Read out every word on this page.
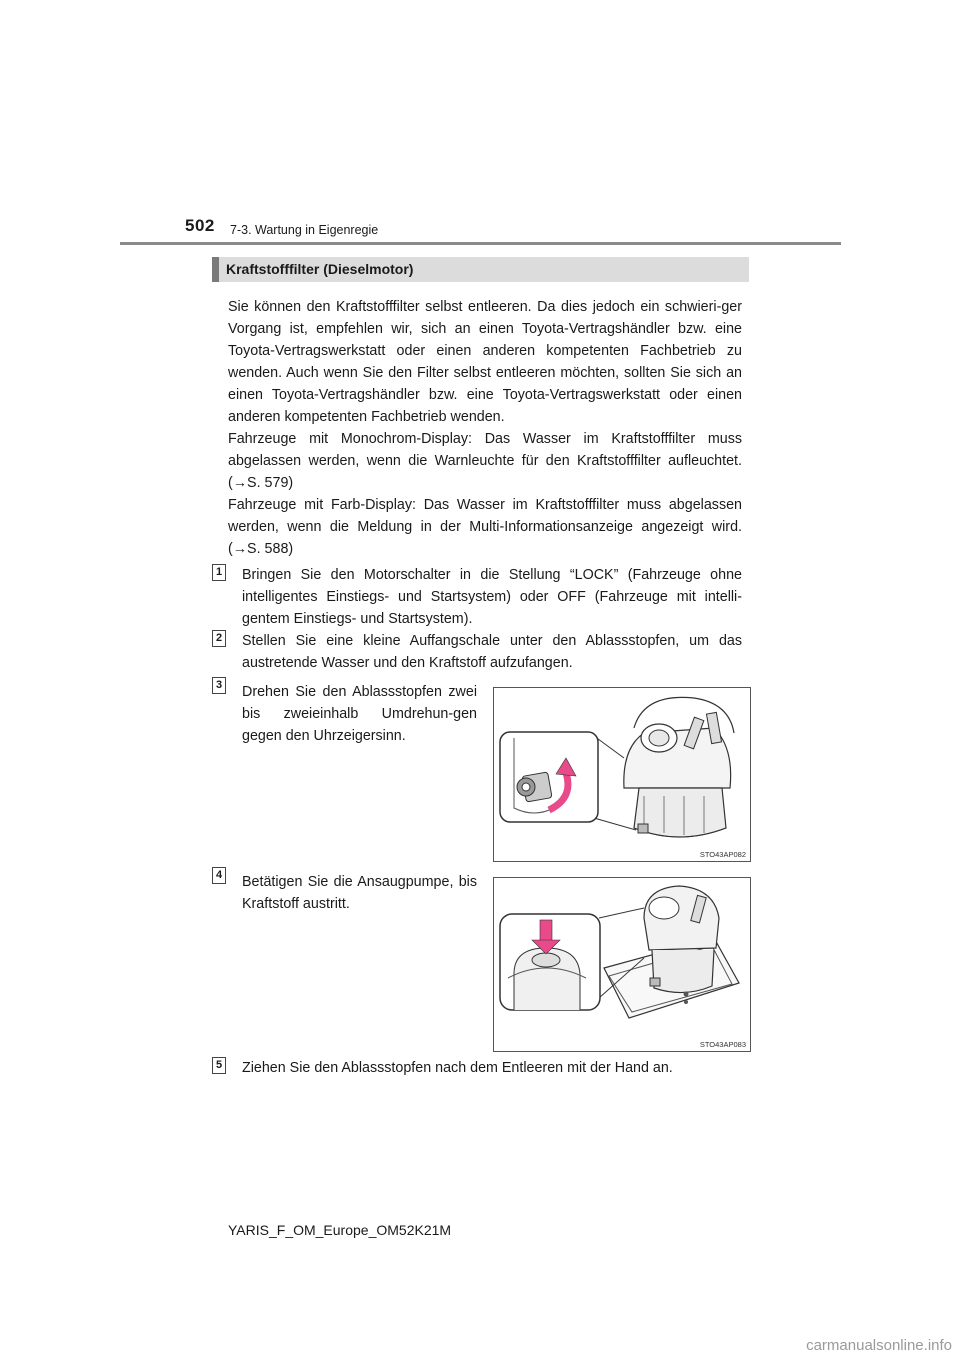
502 7-3. Wartung in Eigenregie
Kraftstofffilter (Dieselmotor)
Sie können den Kraftstofffilter selbst entleeren. Da dies jedoch ein schwieri-ger Vorgang ist, empfehlen wir, sich an einen Toyota-Vertragshändler bzw. eine Toyota-Vertragswerkstatt oder einen anderen kompetenten Fachbetrieb zu wenden. Auch wenn Sie den Filter selbst entleeren möchten, sollten Sie sich an einen Toyota-Vertragshändler bzw. eine Toyota-Vertragswerkstatt oder einen anderen kompetenten Fachbetrieb wenden.
Fahrzeuge mit Monochrom-Display: Das Wasser im Kraftstofffilter muss abgelassen werden, wenn die Warnleuchte für den Kraftstofffilter aufleuchtet. (→S. 579)
Fahrzeuge mit Farb-Display: Das Wasser im Kraftstofffilter muss abgelassen werden, wenn die Meldung in der Multi-Informationsanzeige angezeigt wird. (→S. 588)
1 Bringen Sie den Motorschalter in die Stellung “LOCK” (Fahrzeuge ohne intelligentes Einstiegs- und Startsystem) oder OFF (Fahrzeuge mit intelli-gentem Einstiegs- und Startsystem).
2 Stellen Sie eine kleine Auffangschale unter den Ablassstopfen, um das austretende Wasser und den Kraftstoff aufzufangen.
3 Drehen Sie den Ablassstopfen zwei bis zweieinhalb Umdrehun-gen gegen den Uhrzeigersinn.
STO43AP082
4 Betätigen Sie die Ansaugpumpe, bis Kraftstoff austritt.
STO43AP083
5 Ziehen Sie den Ablassstopfen nach dem Entleeren mit der Hand an.
YARIS_F_OM_Europe_OM52K21M
carmanualsonline.info
